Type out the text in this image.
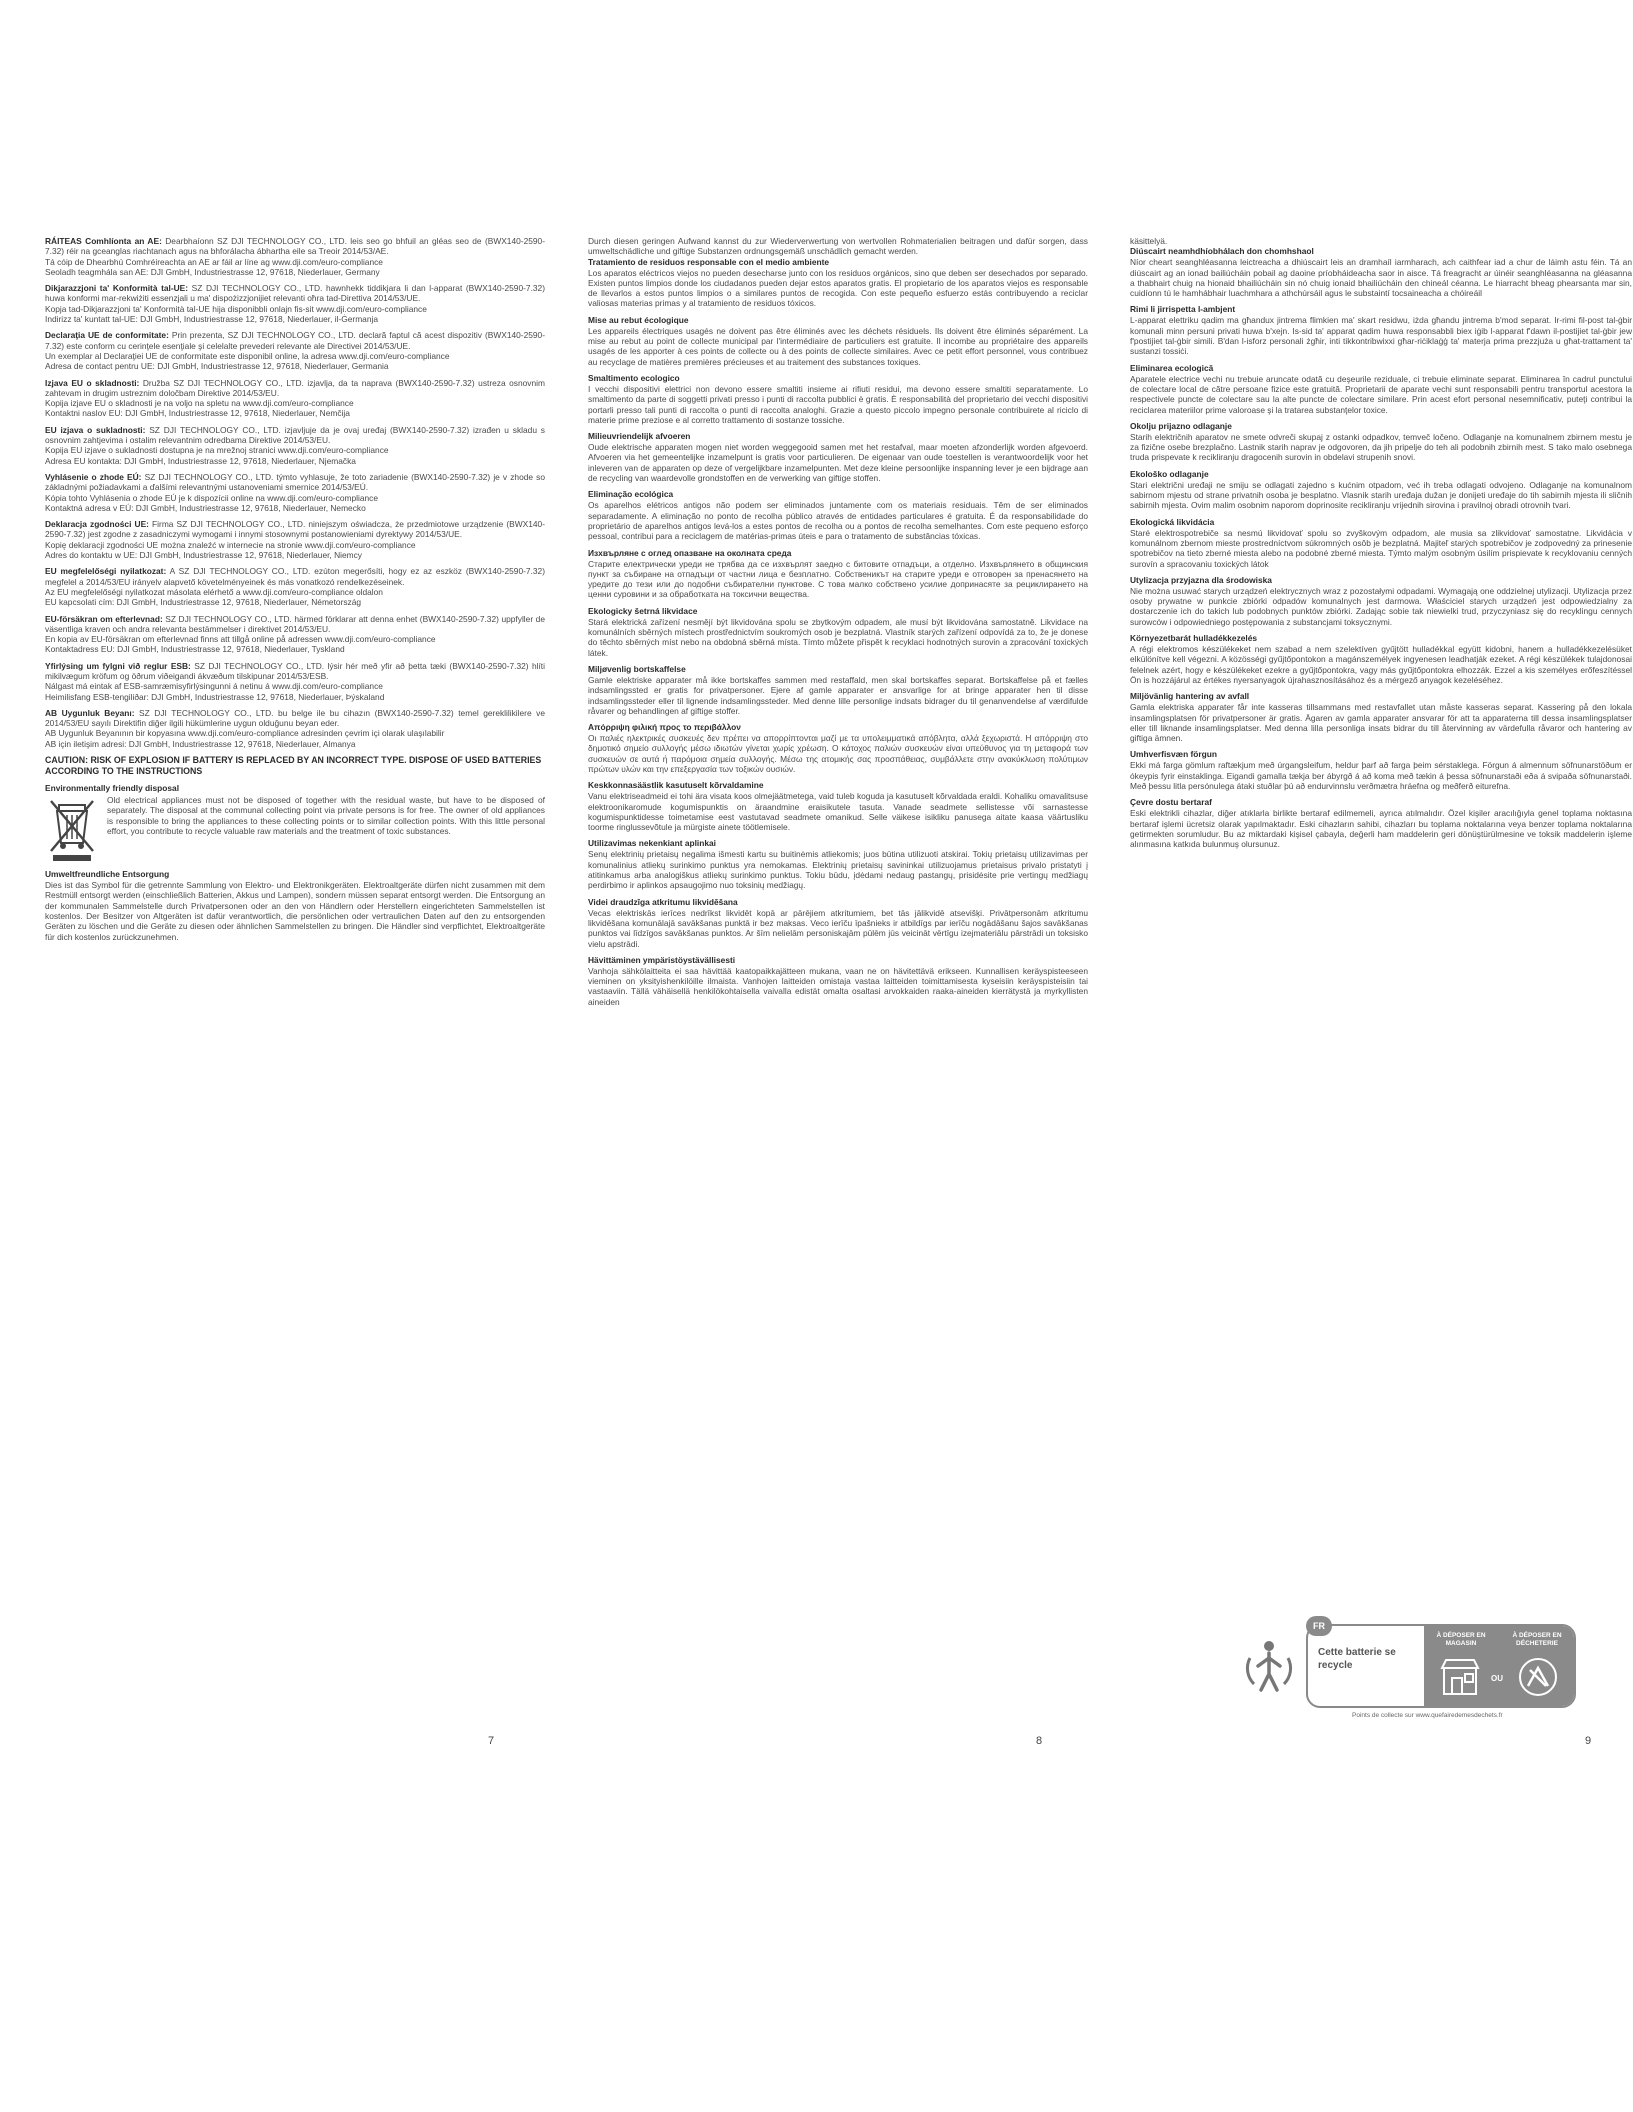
RÁITEAS Comhlíonta an AE: Dearbhaíonn SZ DJI TECHNOLOGY CO., LTD. leis seo go bhfuil an gléas seo de (BWX140-2590-7.32) réir na gceanglas riachtanach agus na bhforálacha ábhartha eile sa Treoir 2014/53/AE.
Tá cóip de Dhearbhú Comhréireachta an AE ar fáil ar líne ag www.dji.com/euro-compliance
Seoladh teagmhála san AE: DJI GmbH, Industriestrasse 12, 97618, Niederlauer, Germany
Dikjarazzjoni ta' Konformità tal-UE: SZ DJI TECHNOLOGY CO., LTD. hawnhekk tiddikjara li dan l-apparat (BWX140-2590-7.32) huwa konformi mar-rekwiżiti essenzjali u ma' dispożizzjonijiet relevanti oħra tad-Direttiva 2014/53/UE.
Kopja tad-Dikjarazzjoni ta' Konformità tal-UE hija disponibbli onlajn fis-sit www.dji.com/euro-compliance
Indirizz ta' kuntatt tal-UE: DJI GmbH, Industriestrasse 12, 97618, Niederlauer, il-Ġermanja
Declaraţia UE de conformitate: Prin prezenta, SZ DJI TECHNOLOGY CO., LTD. declară faptul că acest dispozitiv (BWX140-2590-7.32) este conform cu cerinţele esenţiale şi celelalte prevederi relevante ale Directivei 2014/53/UE.
Un exemplar al Declaraţiei UE de conformitate este disponibil online, la adresa www.dji.com/euro-compliance
Adresa de contact pentru UE: DJI GmbH, Industriestrasse 12, 97618, Niederlauer, Germania
Izjava EU o skladnosti: Družba SZ DJI TECHNOLOGY CO., LTD. izjavlja, da ta naprava (BWX140-2590-7.32) ustreza osnovnim zahtevam in drugim ustreznim določbam Direktive 2014/53/EU.
Kopija izjave EU o skladnosti je na voljo na spletu na www.dji.com/euro-compliance
Kontaktni naslov EU: DJI GmbH, Industriestrasse 12, 97618, Niederlauer, Nemčija
EU izjava o sukladnosti: SZ DJI TECHNOLOGY CO., LTD. izjavljuje da je ovaj uređaj (BWX140-2590-7.32) izrađen u skladu s osnovnim zahtjevima i ostalim relevantnim odredbama Direktive 2014/53/EU.
Kopija EU izjave o sukladnosti dostupna je na mrežnoj stranici www.dji.com/euro-compliance
Adresa EU kontakta: DJI GmbH, Industriestrasse 12, 97618, Niederlauer, Njemačka
Vyhlásenie o zhode EÚ: SZ DJI TECHNOLOGY CO., LTD. týmto vyhlasuje, že toto zariadenie (BWX140-2590-7.32) je v zhode so základnými požiadavkami a ďalšími relevantnými ustanoveniami smernice 2014/53/EÚ.
Kópia tohto Vyhlásenia o zhode EÚ je k dispozícii online na www.dji.com/euro-compliance
Kontaktná adresa v EÚ: DJI GmbH, Industriestrasse 12, 97618, Niederlauer, Nemecko
Deklaracja zgodności UE: Firma SZ DJI TECHNOLOGY CO., LTD. niniejszym oświadcza, że przedmiotowe urządzenie (BWX140-2590-7.32) jest zgodne z zasadniczymi wymogami i innymi stosownymi postanowieniami dyrektywy 2014/53/UE.
Kopię deklaracji zgodności UE można znaleźć w internecie na stronie www.dji.com/euro-compliance
Adres do kontaktu w UE: DJI GmbH, Industriestrasse 12, 97618, Niederlauer, Niemcy
EU megfelelőségi nyilatkozat: A SZ DJI TECHNOLOGY CO., LTD. ezúton megerősíti, hogy ez az eszköz (BWX140-2590-7.32) megfelel a 2014/53/EU irányelv alapvető követelményeinek és más vonatkozó rendelkezéseinek.
Az EU megfelelőségi nyilatkozat másolata elérhető a www.dji.com/euro-compliance oldalon
EU kapcsolati cím: DJI GmbH, Industriestrasse 12, 97618, Niederlauer, Németország
EU-försäkran om efterlevnad: SZ DJI TECHNOLOGY CO., LTD. härmed förklarar att denna enhet (BWX140-2590-7.32) uppfyller de väsentliga kraven och andra relevanta bestämmelser i direktivet 2014/53/EU.
En kopia av EU-försäkran om efterlevnad finns att tillgå online på adressen www.dji.com/euro-compliance
Kontaktadress EU: DJI GmbH, Industriestrasse 12, 97618, Niederlauer, Tyskland
Yfirlýsing um fylgni við reglur ESB: SZ DJI TECHNOLOGY CO., LTD. lýsir hér með yfir að þetta tæki (BWX140-2590-7.32) hlíti mikilvægum kröfum og öðrum viðeigandi ákvæðum tilskipunar 2014/53/ESB.
Nálgast má eintak af ESB-samræmisyfirlýsingunni á netinu á www.dji.com/euro-compliance
Heimilisfang ESB-tengiliðar: DJI GmbH, Industriestrasse 12, 97618, Niederlauer, Þýskaland
AB Uygunluk Beyanı: SZ DJI TECHNOLOGY CO., LTD. bu belge ile bu cihazın (BWX140-2590-7.32) temel gereklilikilere ve 2014/53/EU sayılı Direktifin diğer ilgili hükümlerine uygun olduğunu beyan eder.
AB Uygunluk Beyanının bir kopyasına www.dji.com/euro-compliance adresinden çevrim içi olarak ulaşılabilir
AB için iletişim adresi: DJI GmbH, Industriestrasse 12, 97618, Niederlauer, Almanya
CAUTION: RISK OF EXPLOSION IF BATTERY IS REPLACED BY AN INCORRECT TYPE. DISPOSE OF USED BATTERIES ACCORDING TO THE INSTRUCTIONS
Environmentally friendly disposal
Old electrical appliances must not be disposed of together with the residual waste, but have to be disposed of separately. The disposal at the communal collecting point via private persons is for free. The owner of old appliances is responsible to bring the appliances to these collecting points or to similar collection points. With this little personal effort, you contribute to recycle valuable raw materials and the treatment of toxic substances.
Umweltfreundliche Entsorgung
Dies ist das Symbol für die getrennte Sammlung von Elektro- und Elektronikgeräten. Elektroaltgeräte dürfen nicht zusammen mit dem Restmüll entsorgt werden (einschließlich Batterien, Akkus und Lampen), sondern müssen separat entsorgt werden. Die Entsorgung an der kommunalen Sammelstelle durch Privatpersonen oder an den von Händlern oder Herstellern eingerichteten Sammelstellen ist kostenlos. Der Besitzer von Altgeräten ist dafür verantwortlich, die persönlichen oder vertraulichen Daten auf den zu entsorgenden Geräten zu löschen und die Geräte zu diesen oder ähnlichen Sammelstellen zu bringen. Die Händler sind verpflichtet, Elektroaltgeräte für dich kostenlos zurückzunehmen.
7
Durch diesen geringen Aufwand kannst du zur Wiederverwertung von wertvollen Rohmaterialien beitragen und dafür sorgen, dass umweltschädliche und giftige Substanzen ordnungsgemäß unschädlich gemacht werden.
Tratamiento de residuos responsable con el medio ambiente
Los aparatos eléctricos viejos no pueden desecharse junto con los residuos orgánicos, sino que deben ser desechados por separado. Existen puntos limpios donde los ciudadanos pueden dejar estos aparatos gratis. El propietario de los aparatos viejos es responsable de llevarlos a estos puntos limpios o a similares puntos de recogida. Con este pequeño esfuerzo estás contribuyendo a reciclar valiosas materias primas y al tratamiento de residuos tóxicos.
Mise au rebut écologique
Les appareils électriques usagés ne doivent pas être éliminés avec les déchets résiduels. Ils doivent être éliminés séparément. La mise au rebut au point de collecte municipal par l'intermédiaire de particuliers est gratuite. Il incombe au propriétaire des appareils usagés de les apporter à ces points de collecte ou à des points de collecte similaires. Avec ce petit effort personnel, vous contribuez au recyclage de matières premières précieuses et au traitement des substances toxiques.
Smaltimento ecologico
I vecchi dispositivi elettrici non devono essere smaltiti insieme ai rifiuti residui, ma devono essere smaltiti separatamente. Lo smaltimento da parte di soggetti privati presso i punti di raccolta pubblici è gratis. È responsabilità del proprietario dei vecchi dispositivi portarli presso tali punti di raccolta o punti di raccolta analoghi. Grazie a questo piccolo impegno personale contribuirete al riciclo di materie prime preziose e al corretto trattamento di sostanze tossiche.
Milieuvriendelijk afvoeren
Oude elektrische apparaten mogen niet worden weggegooid samen met het restafval, maar moeten afzonderlijk worden afgevoerd. Afvoeren via het gemeentelijke inzamelpunt is gratis voor particulieren. De eigenaar van oude toestellen is verantwoordelijk voor het inleveren van de apparaten op deze of vergelijkbare inzamelpunten. Met deze kleine persoonlijke inspanning lever je een bijdrage aan de recycling van waardevolle grondstoffen en de verwerking van giftige stoffen.
Eliminação ecológica
Os aparelhos elétricos antigos não podem ser eliminados juntamente com os materiais residuais. Têm de ser eliminados separadamente. A eliminação no ponto de recolha público através de entidades particulares é gratuita. É da responsabilidade do proprietário de aparelhos antigos levá-los a estes pontos de recolha ou a pontos de recolha semelhantes. Com este pequeno esforço pessoal, contribui para a reciclagem de matérias-primas úteis e para o tratamento de substâncias tóxicas.
Изхвърляне с оглед опазване на околната среда
Старите електрически уреди не трябва да се изхвърлят заедно с битовите отпадъци, а отделно. Изхвърлянето в общинския пункт за събиране на отпадъци от частни лица е безплатно. Собственикът на старите уреди е отговорен за пренасянето на уредите до тези или до подобни събирателни пунктове. С това малко собствено усилие допринасяте за рециклирането на ценни суровини и за обработката на токсични вещества.
Ekologicky šetrná likvidace
Stará elektrická zařízení nesmějí být likvidována spolu se zbytkovým odpadem, ale musí být likvidována samostatně. Likvidace na komunálních sběrných místech prostřednictvím soukromých osob je bezplatná. Vlastník starých zařízení odpovídá za to, že je donese do těchto sběrných míst nebo na obdobná sběrná místa. Tímto můžete přispět k recyklaci hodnotných surovin a zpracování toxických látek.
Miljøvenlig bortskaffelse
Gamle elektriske apparater må ikke bortskaffes sammen med restaffald, men skal bortskaffes separat. Bortskaffelse på et fælles indsamlingssted er gratis for privatpersoner. Ejere af gamle apparater er ansvarlige for at bringe apparater hen til disse indsamlingssteder eller til lignende indsamlingssteder. Med denne lille personlige indsats bidrager du til genanvendelse af værdifulde råvarer og behandlingen af giftige stoffer.
Απόρριψη φιλική προς το περιβάλλον
Οι παλιές ηλεκτρικές συσκευές δεν πρέπει να απορρίπτονται μαζί με τα υπολειμματικά απόβλητα, αλλά ξεχωριστά. Η απόρριψη στο δημοτικό σημείο συλλογής μέσω ιδιωτών γίνεται χωρίς χρέωση. Ο κάτοχος παλιών συσκευών είναι υπεύθυνος για τη μεταφορά των συσκευών σε αυτά ή παρόμοια σημεία συλλογής. Μέσω της ατομικής σας προσπάθειας, συμβάλλετε στην ανακύκλωση πολύτιμων πρώτων υλών και την επεξεργασία των τοξικών ουσιών.
Keskkonnasäästlik kasutuselt kõrvaldamine
Vanu elektriseadmeid ei tohi ära visata koos olmejäätmetega, vaid tuleb koguda ja kasutuselt kõrvaldada eraldi. Kohaliku omavalitsuse elektroonikaromude kogumispunktis on äraandmine eraisikutele tasuta. Vanade seadmete sellistesse või sarnastesse kogumispunktidesse toimetamise eest vastutavad seadmete omanikud. Selle väikese isikliku panusega aitate kaasa väärtusliku toorme ringlussevõtule ja mürgiste ainete töötlemisele.
Utilizavimas nekenkiant aplinkai
Senų elektrinių prietaisų negalima išmesti kartu su buitinėmis atliekomis; juos būtina utilizuoti atskirai. Tokių prietaisų utilizavimas per komunalinius atliekų surinkimo punktus yra nemokamas. Elektrinių prietaisų savininkai utilizuojamus prietaisus privalo pristatyti į atitinkamus arba analogiškus atliekų surinkimo punktus. Tokiu būdu, įdėdami nedaug pastangų, prisidėsite prie vertingų medžiagų perdirbimo ir aplinkos apsaugojimo nuo toksinių medžiagų.
Videi draudzīga atkritumu likvidēšana
Vecas elektriskās ierīces nedrīkst likvidēt kopā ar pārējiem atkritumiem, bet tās jālikvidē atsevišķi. Privātpersonām atkritumu likvidēšana komunālajā savākšanas punktā ir bez maksas. Veco ierīču īpašnieks ir atbildīgs par ierīču nogādāšanu šajos savākšanas punktos vai līdzīgos savākšanas punktos. Ar šīm nelielām personiskajām pūlēm jūs veicināt vērtīgu izejmateriālu pārstrādi un toksisko vielu apstrādi.
Hävittäminen ympäristöystävällisesti
Vanhoja sähkölaitteita ei saa hävittää kaatopaikkajätteen mukana, vaan ne on hävitettävä erikseen. Kunnallisen keräyspisteeseen vieminen on yksityishenkilöille ilmaista. Vanhojen laitteiden omistaja vastaa laitteiden toimittamisesta kyseisiin keräyspisteisiin tai vastaaviin. Tällä vähäisellä henkilökohtaisella vaivalla edistät omalta osaltasi arvokkaiden raaka-aineiden kierrätystä ja myrkyllisten aineiden
8
käsittelyä.
Diúscairt neamhdhíobhálach don chomhshaol
Níor cheart seanghléasanna leictreacha a dhiúscairt leis an dramhaíl iarmharach, ach caithfear iad a chur de láimh astu féin. Tá an diúscairt ag an ionad bailiúcháin pobail ag daoine príobháideacha saor in aisce. Tá freagracht ar úinéir seanghléasanna na gléasanna a thabhairt chuig na hionaid bhailiúcháin sin nó chuig ionaid bhailiúcháin den chineál céanna. Le hiarracht bheag phearsanta mar sin, cuidíonn tú le hamhábhair luachmhara a athchúrsáil agus le substaintí tocsaineacha a chóireáil
Rimi li jirrispetta l-ambjent
L-apparat elettriku qadim ma għandux jintrema flimkien ma' skart residwu, iżda għandu jintrema b'mod separat. Ir-rimi fil-post tal-ġbir komunali minn persuni privati huwa b'xejn. Is-sid ta' apparat qadim huwa responsabbli biex iġib l-apparat f'dawn il-postijiet tal-ġbir jew f'postijiet tal-ġbir simili. B'dan l-isforz personali żgħir, inti tikkontribwixxi għar-riċiklaġġ ta' materja prima prezzjuża u għat-trattament ta' sustanzi tossiċi.
Eliminarea ecologică
Aparatele electrice vechi nu trebuie aruncate odată cu deşeurile reziduale, ci trebuie eliminate separat. Eliminarea în cadrul punctului de colectare local de către persoane fizice este gratuită. Proprietarii de aparate vechi sunt responsabili pentru transportul acestora la respectivele puncte de colectare sau la alte puncte de colectare similare. Prin acest efort personal nesemnificativ, puteţi contribui la reciclarea materiilor prime valoroase şi la tratarea substanţelor toxice.
Okolju prijazno odlaganje
Starih električnih aparatov ne smete odvreči skupaj z ostanki odpadkov, temveč ločeno. Odlaganje na komunalnem zbirnem mestu je za fizične osebe brezplačno. Lastnik starih naprav je odgovoren, da jih pripelje do teh ali podobnih zbirnih mest. S tako malo osebnega truda prispevate k recikliranju dragocenih surovin in obdelavi strupenih snovi.
Ekološko odlaganje
Stari električni uređaji ne smiju se odlagati zajedno s kućnim otpadom, već ih treba odlagati odvojeno. Odlaganje na komunalnom sabirnom mjestu od strane privatnih osoba je besplatno. Vlasnik starih uređaja dužan je donijeti uređaje do tih sabirnih mjesta ili sličnih sabirnih mjesta. Ovim malim osobnim naporom doprinosite recikliranju vrijednih sirovina i pravilnoj obradi otrovnih tvari.
Ekologická likvidácia
Staré elektrospotrebiče sa nesmú likvidovať spolu so zvyškovým odpadom, ale musia sa zlikvidovať samostatne. Likvidácia v komunálnom zbernom mieste prostredníctvom súkromných osôb je bezplatná. Majiteľ starých spotrebičov je zodpovedný za prinesenie spotrebičov na tieto zberné miesta alebo na podobné zberné miesta. Týmto malým osobným úsilím prispievate k recyklovaniu cenných surovín a spracovaniu toxických látok
Utylizacja przyjazna dla środowiska
Nie można usuwać starych urządzeń elektrycznych wraz z pozostałymi odpadami. Wymagają one oddzielnej utylizacji. Utylizacja przez osoby prywatne w punkcie zbiórki odpadów komunalnych jest darmowa. Właściciel starych urządzeń jest odpowiedzialny za dostarczenie ich do takich lub podobnych punktów zbiórki. Zadając sobie tak niewielki trud, przyczyniasz się do recyklingu cennych surowców i odpowiedniego postępowania z substancjami toksycznymi.
Környezetbarát hulladékkezelés
A régi elektromos készülékeket nem szabad a nem szelektíven gyűjtött hulladékkal együtt kidobni, hanem a hulladékkezelésüket elkülönítve kell végezni. A közösségi gyűjtőpontokon a magánszemélyek ingyenesen leadhatják ezeket. A régi készülékek tulajdonosai felelnek azért, hogy e készülékeket ezekre a gyűjtőpontokra, vagy más gyűjtőpontokra elhozzák. Ezzel a kis személyes erőfeszítéssel Ön is hozzájárul az értékes nyersanyagok újrahasznosításához és a mérgező anyagok kezeléséhez.
Miljövänlig hantering av avfall
Gamla elektriska apparater får inte kasseras tillsammans med restavfallet utan måste kasseras separat. Kassering på den lokala insamlingsplatsen för privatpersoner är gratis. Ägaren av gamla apparater ansvarar för att ta apparaterna till dessa insamlingsplatser eller till liknande insamlingsplatser. Med denna lilla personliga insats bidrar du till återvinning av värdefulla råvaror och hantering av giftiga ämnen.
Umhverfisvæn förgun
Ekki má farga gömlum raftækjum með úrgangsleifum, heldur þarf að farga þeim sérstaklega. Förgun á almennum söfnunarstöðum er ókeypis fyrir einstaklinga. Eigandi gamalla tækja ber ábyrgð á að koma með tækin á þessa söfnunarstaði eða á svipaða söfnunarstaði. Með þessu litla persónulega átaki stuðlar þú að endurvinnslu verðmætra hráefna og meðferð eiturefna.
Çevre dostu bertaraf
Eski elektrikli cihazlar, diğer atıklarla birlikte bertaraf edilmemeli, ayrıca atılmalıdır. Özel kişiler aracılığıyla genel toplama noktasına bertaraf işlemi ücretsiz olarak yapılmaktadır. Eski cihazların sahibi, cihazları bu toplama noktalarına veya benzer toplama noktalarına getirmekten sorumludur. Bu az miktardaki kişisel çabayla, değerli ham maddelerin geri dönüştürülmesine ve toksik maddelerin işleme alınmasına katkıda bulunmuş olursunuz.
FR
Cette batterie se recycle
À DÉPOSER EN MAGASIN
À DÉPOSER EN DÉCHETERIE
OU
Points de collecte sur www.quefairedemesdechets.fr
9
